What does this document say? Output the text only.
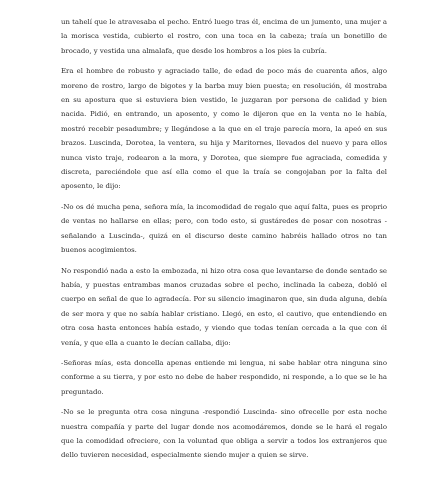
un tahelí que le atravesaba el pecho. Entró luego tras él, encima de un jumento, una mujer a la morisca vestida, cubierto el rostro, con una toca en la cabeza; traía un bonetillo de brocado, y vestida una almalafa, que desde los hombros a los pies la cubría.

Era el hombre de robusto y agraciado talle, de edad de poco más de cuarenta años, algo moreno de rostro, largo de bigotes y la barba muy bien puesta; en resolución, él mostraba en su apostura que si estuviera bien vestido, le juzgaran por persona de calidad y bien nacida. Pidió, en entrando, un aposento, y como le dijeron que en la venta no le había, mostró recebir pesadumbre; y llegándose a la que en el traje parecía mora, la apeó en sus brazos. Luscinda, Dorotea, la ventera, su hija y Maritornes, llevados del nuevo y para ellos nunca visto traje, rodearon a la mora, y Dorotea, que siempre fue agraciada, comedida y discreta, pareciéndole que así ella como el que la traía se congojaban por la falta del aposento, le dijo:

-No os dé mucha pena, señora mía, la incomodidad de regalo que aquí falta, pues es proprio de ventas no hallarse en ellas; pero, con todo esto, si gustáredes de posar con nosotras -señalando a Luscinda-, quizá en el discurso deste camino habréis hallado otros no tan buenos acogimientos.

No respondió nada a esto la embozada, ni hizo otra cosa que levantarse de donde sentado se había, y puestas entrambas manos cruzadas sobre el pecho, inclinada la cabeza, dobló el cuerpo en señal de que lo agradecía. Por su silencio imaginaron que, sin duda alguna, debía de ser mora y que no sabía hablar cristiano. Llegó, en esto, el cautivo, que entendiendo en otra cosa hasta entonces había estado, y viendo que todas tenían cercada a la que con él venía, y que ella a cuanto le decían callaba, dijo:

-Señoras mías, esta doncella apenas entiende mi lengua, ni sabe hablar otra ninguna sino conforme a su tierra, y por esto no debe de haber respondido, ni responde, a lo que se le ha preguntado.

-No se le pregunta otra cosa ninguna -respondió Luscinda- sino ofrecelle por esta noche nuestra compañía y parte del lugar donde nos acomodáremos, donde se le hará el regalo que la comodidad ofreciere, con la voluntad que obliga a servir a todos los extranjeros que dello tuvieren necesidad, especialmente siendo mujer a quien se sirve.
